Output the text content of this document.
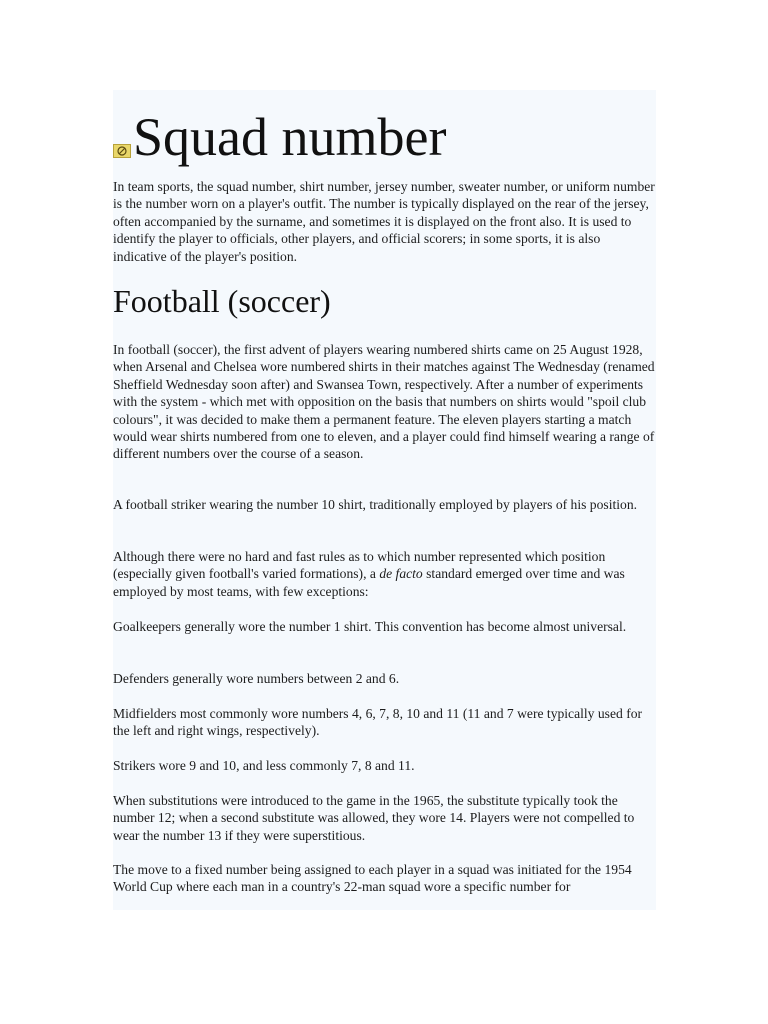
Squad number

In team sports, the squad number, shirt number, jersey number, sweater number, or uniform number is the number worn on a player's outfit. The number is typically displayed on the rear of the jersey, often accompanied by the surname, and sometimes it is displayed on the front also. It is used to identify the player to officials, other players, and official scorers; in some sports, it is also indicative of the player's position.

Football (soccer)

In football (soccer), the first advent of players wearing numbered shirts came on 25 August 1928, when Arsenal and Chelsea wore numbered shirts in their matches against The Wednesday (renamed Sheffield Wednesday soon after) and Swansea Town, respectively. After a number of experiments with the system - which met with opposition on the basis that numbers on shirts would "spoil club colours", it was decided to make them a permanent feature. The eleven players starting a match would wear shirts numbered from one to eleven, and a player could find himself wearing a range of different numbers over the course of a season.

A football striker wearing the number 10 shirt, traditionally employed by players of his position.

Although there were no hard and fast rules as to which number represented which position (especially given football's varied formations), a de facto standard emerged over time and was employed by most teams, with few exceptions:

Goalkeepers generally wore the number 1 shirt. This convention has become almost universal.

Defenders generally wore numbers between 2 and 6.

Midfielders most commonly wore numbers 4, 6, 7, 8, 10 and 11 (11 and 7 were typically used for the left and right wings, respectively).

Strikers wore 9 and 10, and less commonly 7, 8 and 11.

When substitutions were introduced to the game in the 1965, the substitute typically took the number 12; when a second substitute was allowed, they wore 14. Players were not compelled to wear the number 13 if they were superstitious.

The move to a fixed number being assigned to each player in a squad was initiated for the 1954 World Cup where each man in a country's 22-man squad wore a specific number for
